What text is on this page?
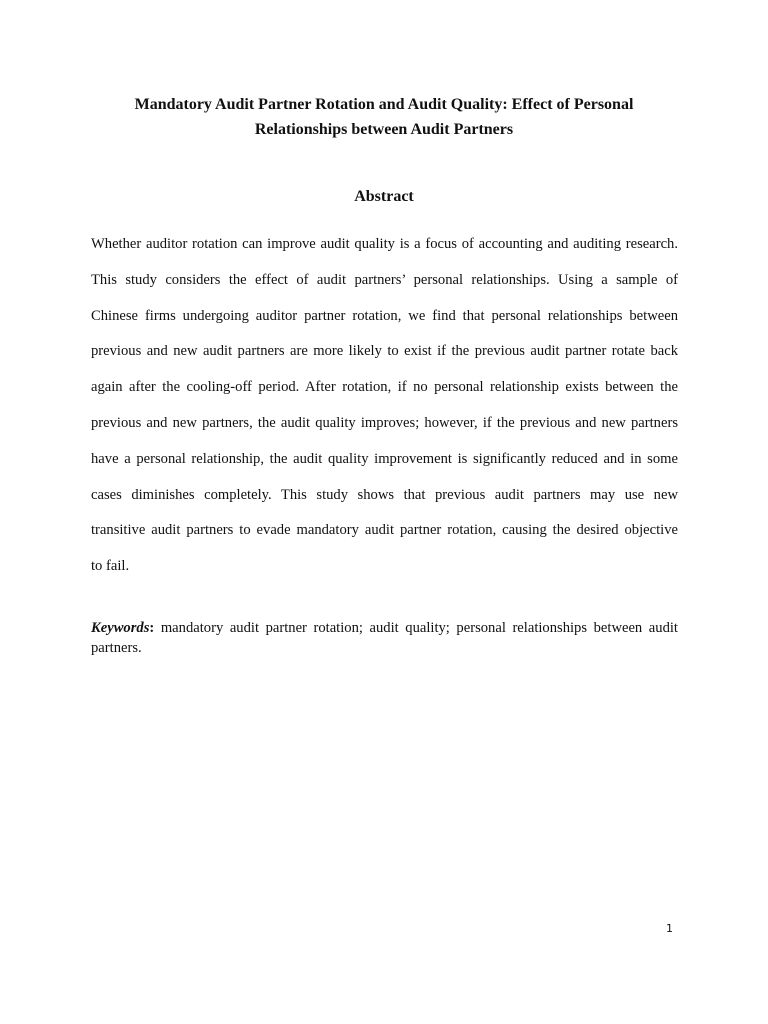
Mandatory Audit Partner Rotation and Audit Quality: Effect of Personal
Relationships between Audit Partners
Abstract

Whether auditor rotation can improve audit quality is a focus of accounting and auditing research.
This study considers the effect of audit partners’ personal relationships. Using a sample of
Chinese firms undergoing auditor partner rotation, we find that personal relationships between
previous and new audit partners are more likely to exist if the previous audit partner rotate back
again after the cooling-off period. After rotation, if no personal relationship exists between the
previous and new partners, the audit quality improves; however, if the previous and new partners
have a personal relationship, the audit quality improvement is significantly reduced and in some
cases diminishes completely. This study shows that previous audit partners may use new
transitive audit partners to evade mandatory audit partner rotation, causing the desired objective
to fail.

Keywords: mandatory audit partner rotation; audit quality; personal relationships between audit
partners.

1
